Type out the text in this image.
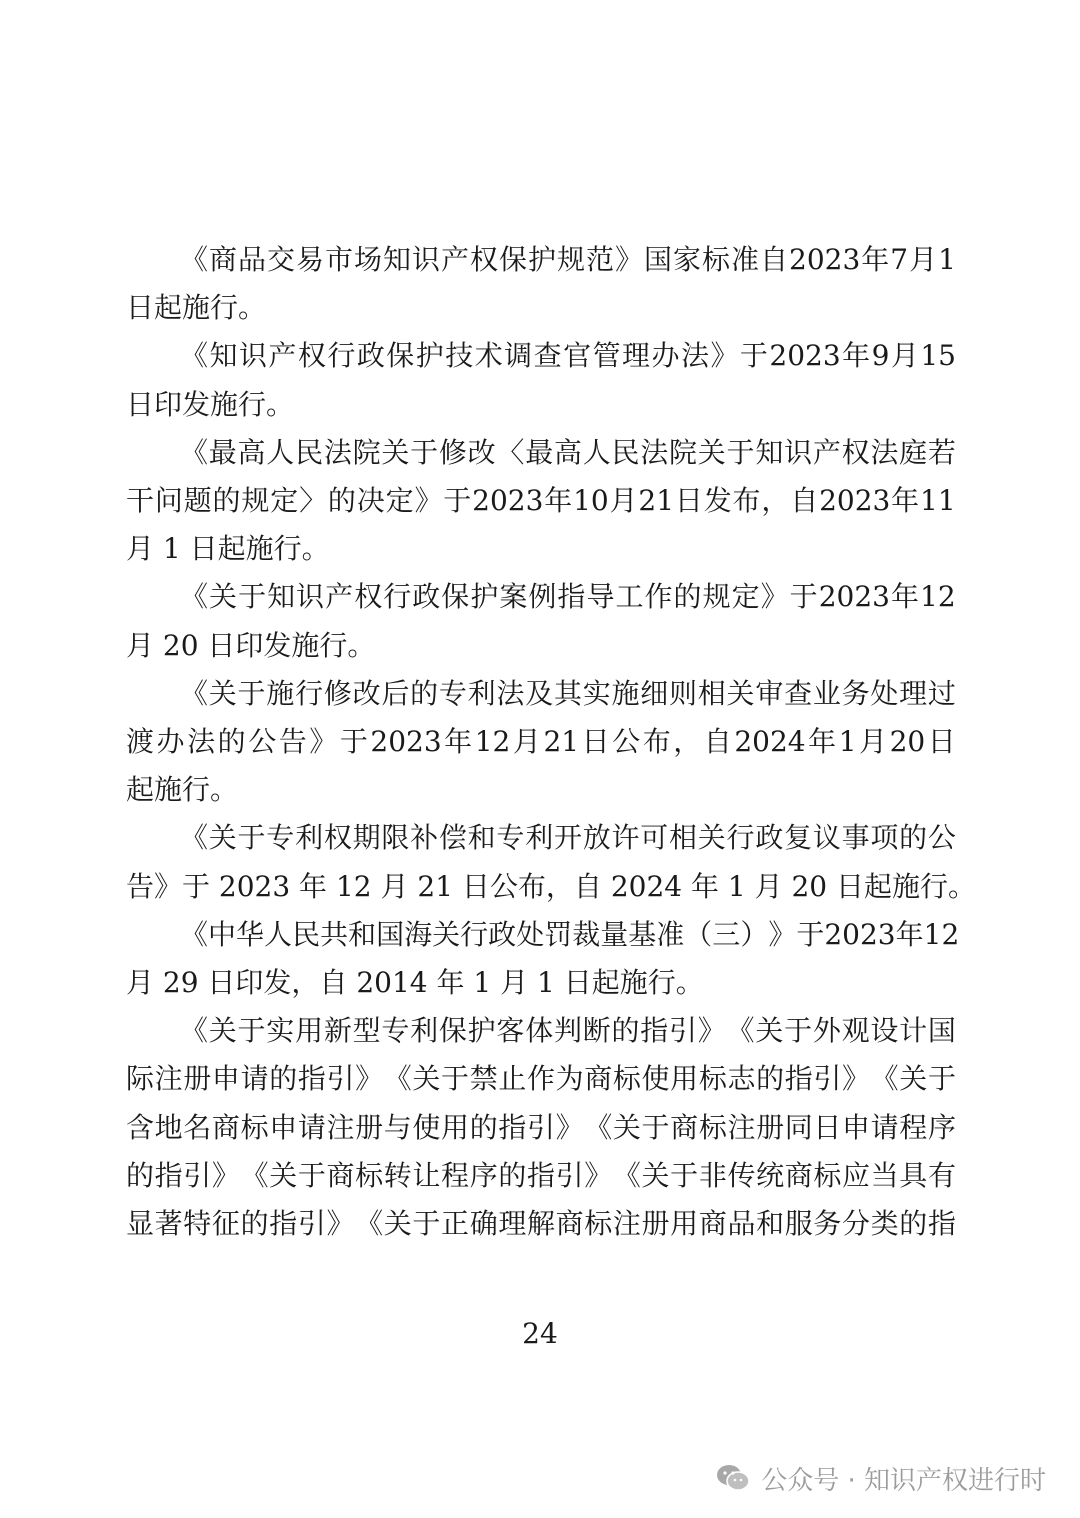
《 商 品 交 易 市 场 知 识 产 权 保 护 规 范 》 国 家 标 准 自 2023 年 7 月 1
日起施行。
《 知 识 产 权 行 政 保 护 技 术 调 查 官 管 理 办 法 》 于 2023 年 9 月 15
日印发施行。
《 最 高 人 民 法 院 关 于 修 改 〈 最 高 人 民 法 院 关 于 知 识 产 权 法 庭 若
干 问 题 的 规 定 〉 的 决 定 》 于 2023 年 10 月 21 日 发 布 ， 自 2023 年 11
月 1 日起施行。
《 关 于 知 识 产 权 行 政 保 护 案 例 指 导 工 作 的 规 定 》 于 2023 年 12
月 20 日印发施行。
《 关 于 施 行 修 改 后 的 专 利 法 及 其 实 施 细 则 相 关 审 查 业 务 处 理 过
渡 办 法 的 公 告 》 于 2023 年 12 月 21 日 公 布 ， 自 2024 年 1 月 20 日
起施行。
《 关 于 专 利 权 期 限 补 偿 和 专 利 开 放 许 可 相 关 行 政 复 议 事 项 的 公
告》于 2023 年 12 月 21 日公布，自 2024 年 1 月 20 日起施行。
《 中 华 人 民 共 和 国 海 关 行 政 处 罚 裁 量 基 准 （ 三 ） 》 于 2023 年 12
月 29 日印发，自 2014 年 1 月 1 日起施行。
《 关 于 实 用 新 型 专 利 保 护 客 体 判 断 的 指 引 》 《 关 于 外 观 设 计 国
际 注 册 申 请 的 指 引 》 《 关 于 禁 止 作 为 商 标 使 用 标 志 的 指 引 》 《 关 于
含 地 名 商 标 申 请 注 册 与 使 用 的 指 引 》 《 关 于 商 标 注 册 同 日 申 请 程 序
的 指 引 》 《 关 于 商 标 转 让 程 序 的 指 引 》 《 关 于 非 传 统 商 标 应 当 具 有
显 著 特 征 的 指 引 》 《 关 于 正 确 理 解 商 标 注 册 用 商 品 和 服 务 分 类 的 指
24
公众号 · 知识产权进行时
